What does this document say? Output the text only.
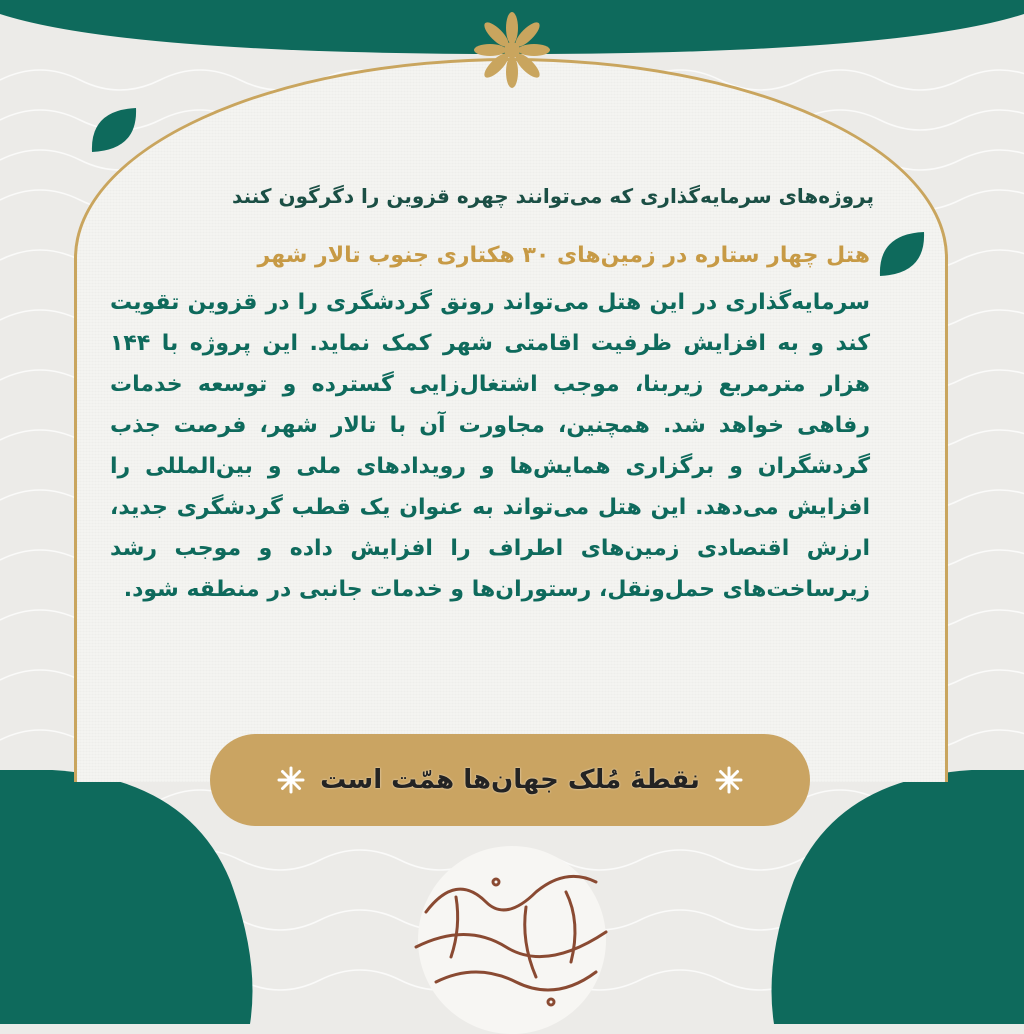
پروژه‌های سرمایه‌گذاری که می‌توانند چهره قزوین را دگرگون کنند
هتل چهار ستاره در زمین‌های ۳۰ هکتاری جنوب تالار شهر
سرمایه‌گذاری در این هتل می‌تواند رونق گردشگری را در قزوین تقویت کند و به افزایش ظرفیت اقامتی شهر کمک نماید. این پروژه با ۱۴۴ هزار مترمربع زیربنا، موجب اشتغال‌زایی گسترده و توسعه خدمات رفاهی خواهد شد. همچنین، مجاورت آن با تالار شهر، فرصت جذب گردشگران و برگزاری همایش‌ها و رویدادهای ملی و بین‌المللی را افزایش می‌دهد. این هتل می‌تواند به عنوان یک قطب گردشگری جدید، ارزش اقتصادی زمین‌های اطراف را افزایش داده و موجب رشد زیرساخت‌های حمل‌ونقل، رستوران‌ها و خدمات جانبی در منطقه شود.
نقطهٔ مُلک جهان‌ها همّت است
